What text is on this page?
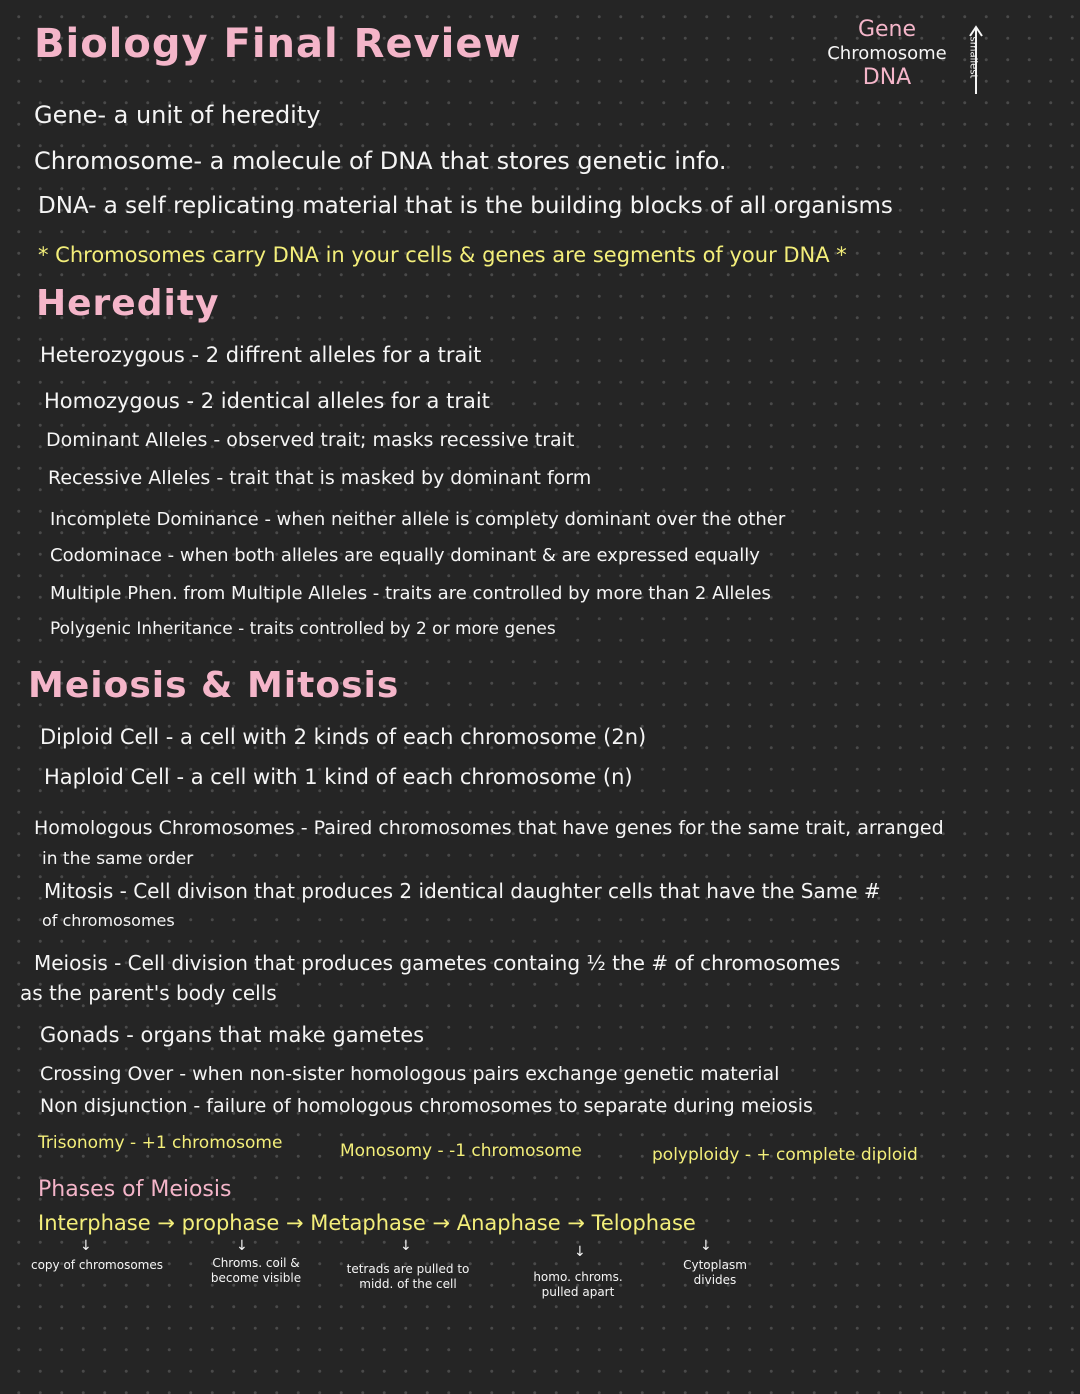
Biology Final Review	Gene
Chromosome
DNA	smallest
Gene- a unit of heredity
Chromosome- a molecule of DNA that stores genetic info.
DNA- a self replicating material that is the building blocks of all organisms
* Chromosomes carry DNA in your cells & genes are segments of your DNA *
Heredity
Heterozygous - 2 diffrent alleles for a trait
Homozygous - 2 identical alleles for a trait
Dominant Alleles - observed trait; masks recessive trait
Recessive Alleles - trait that is masked by dominant form
Incomplete Dominance - when neither allele is complety dominant over the other
Codominace - when both alleles are equally dominant & are expressed equally
Multiple Phen. from Multiple Alleles - traits are controlled by more than 2 Alleles
Polygenic Inheritance - traits controlled by 2 or more genes
Meiosis & Mitosis
Diploid Cell - a cell with 2 kinds of each chromosome (2n)
Haploid Cell - a cell with 1 kind of each chromosome (n)
Homologous Chromosomes - Paired chromosomes that have genes for the same trait, arranged
in the same order
Mitosis - Cell divison that produces 2 identical daughter cells that have the Same #
of chromosomes
Meiosis - Cell division that produces gametes containg ½ the # of chromosomes
as the parent's body cells
Gonads - organs that make gametes
Crossing Over - when non-sister homologous pairs exchange genetic material
Non disjunction - failure of homologous chromosomes to separate during meiosis
Trisonomy - +1 chromosome	Monosomy - -1 chromosome	polyploidy - + complete diploid
Phases of Meiosis
Interphase → prophase → Metaphase → Anaphase → Telophase
↓	↓	↓	↓	↓
copy of chromosomes	Chroms. coil & become visible
tetrads are pulled to midd. of the cell	homo. chroms. pulled apart
Cytoplasm divides
